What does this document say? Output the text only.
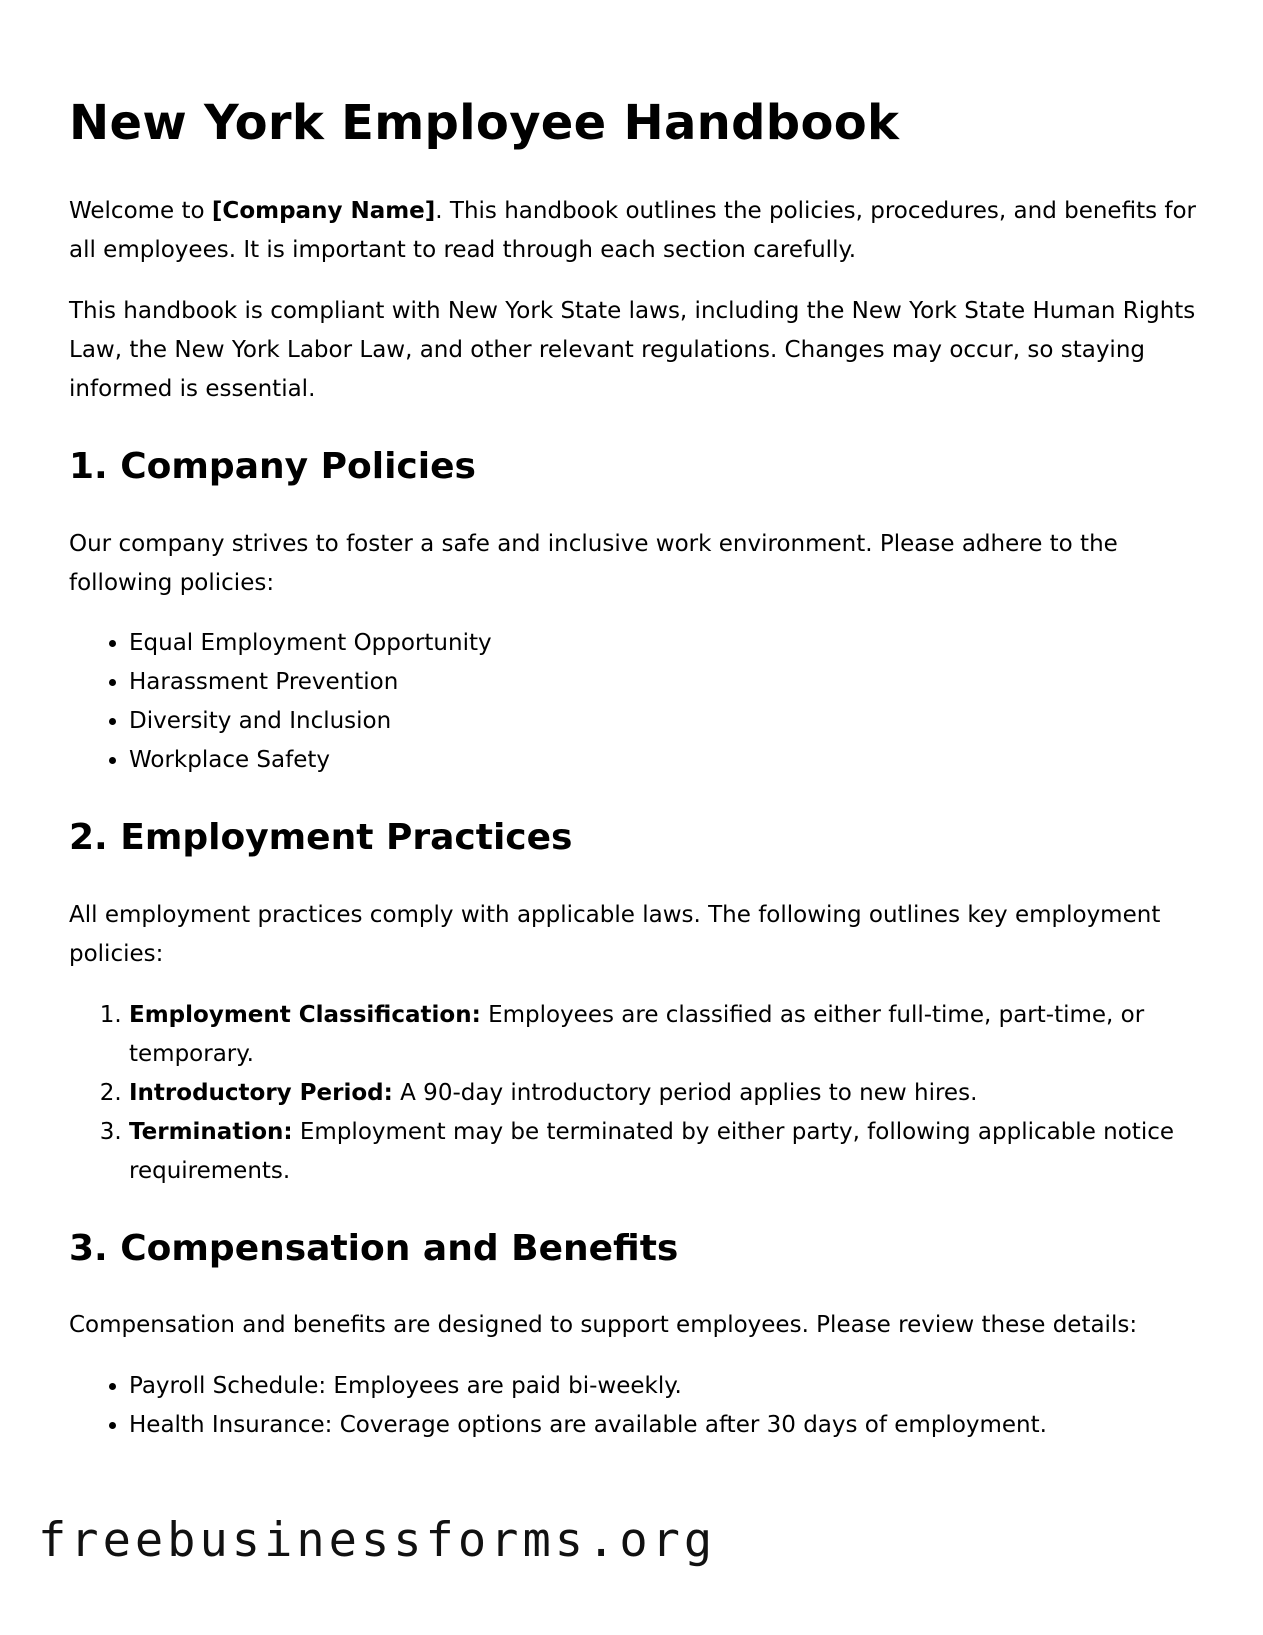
New York Employee Handbook

Welcome to [Company Name]. This handbook outlines the policies, procedures, and benefits for all employees. It is important to read through each section carefully.

This handbook is compliant with New York State laws, including the New York State Human Rights Law, the New York Labor Law, and other relevant regulations. Changes may occur, so staying informed is essential.

1. Company Policies

Our company strives to foster a safe and inclusive work environment. Please adhere to the following policies:

• Equal Employment Opportunity
• Harassment Prevention
• Diversity and Inclusion
• Workplace Safety
2. Employment Practices

All employment practices comply with applicable laws. The following outlines key employment policies:

1. Employment Classification: Employees are classified as either full-time, part-time, or temporary.
2. Introductory Period: A 90-day introductory period applies to new hires.
3. Termination: Employment may be terminated by either party, following applicable notice requirements.
3. Compensation and Benefits

Compensation and benefits are designed to support employees. Please review these details:

• Payroll Schedule: Employees are paid bi-weekly.
• Health Insurance: Coverage options are available after 30 days of employment.
freebusinessforms.org
